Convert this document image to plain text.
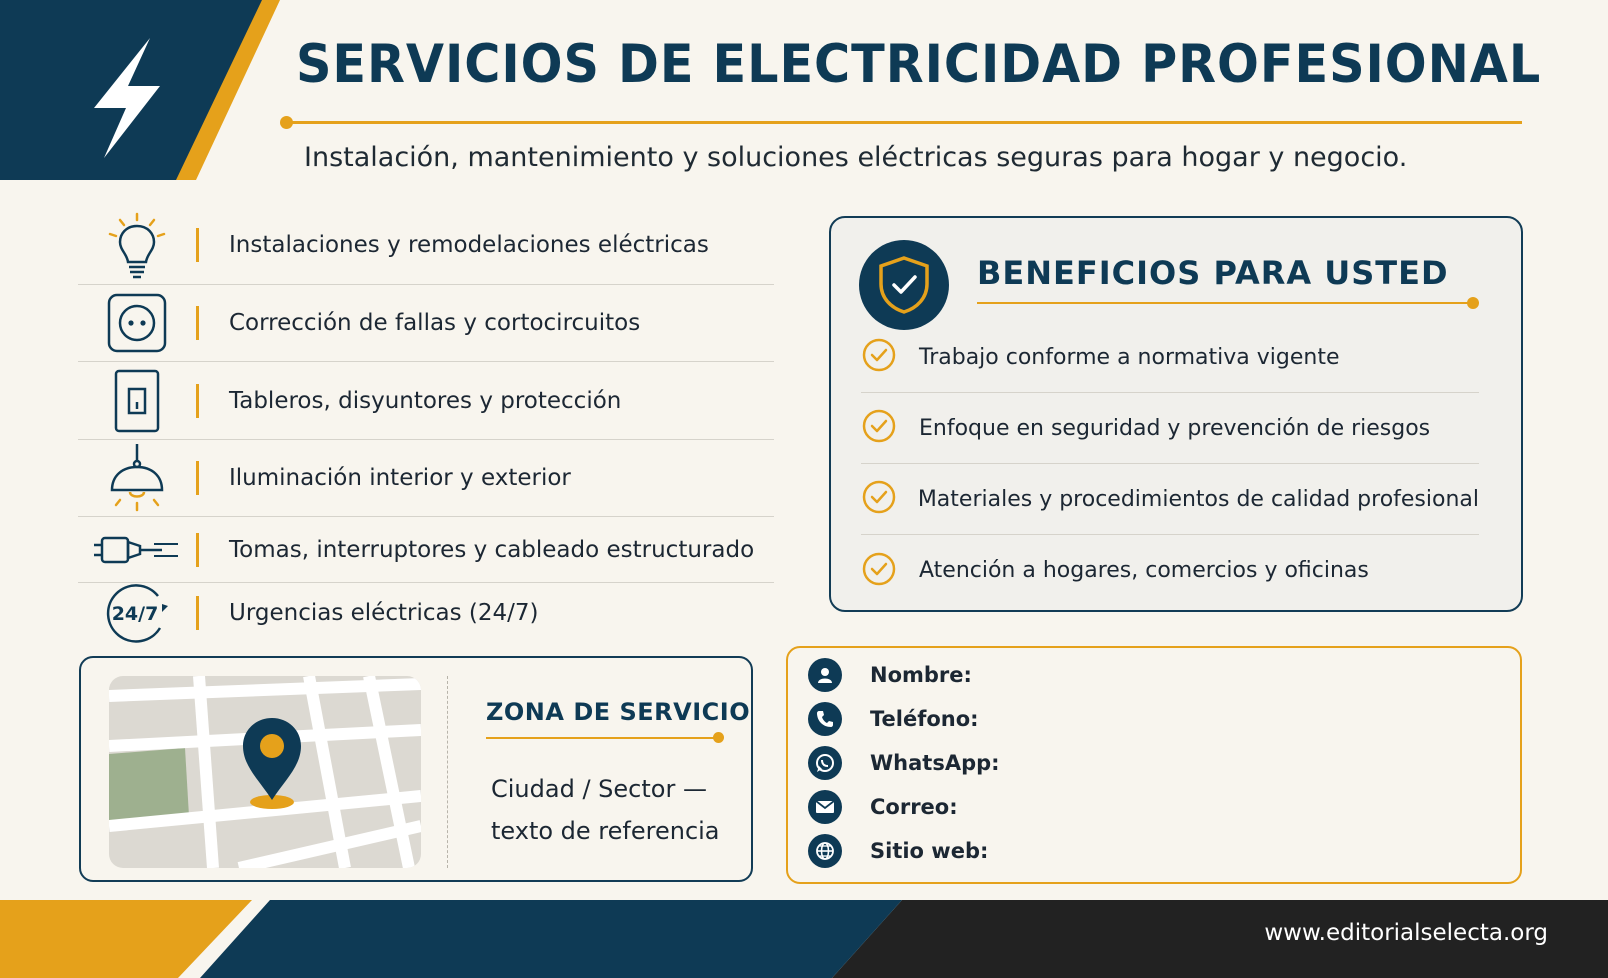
SERVICIOS DE ELECTRICIDAD PROFESIONAL
Instalación, mantenimiento y soluciones eléctricas seguras para hogar y negocio.
Instalaciones y remodelaciones eléctricas
Corrección de fallas y cortocircuitos
Tableros, disyuntores y protección
Iluminación interior y exterior
Tomas, interruptores y cableado estructurado
24/7	Urgencias eléctricas (24/7)
BENEFICIOS PARA USTED
Trabajo conforme a normativa vigente
Enfoque en seguridad y prevención de riesgos
Materiales y procedimientos de calidad profesional
Atención a hogares, comercios y oficinas
ZONA DE SERVICIO
Ciudad / Sector — texto de referencia
Nombre:
Teléfono:
WhatsApp:
Correo:
Sitio web:
www.editorialselecta.org
